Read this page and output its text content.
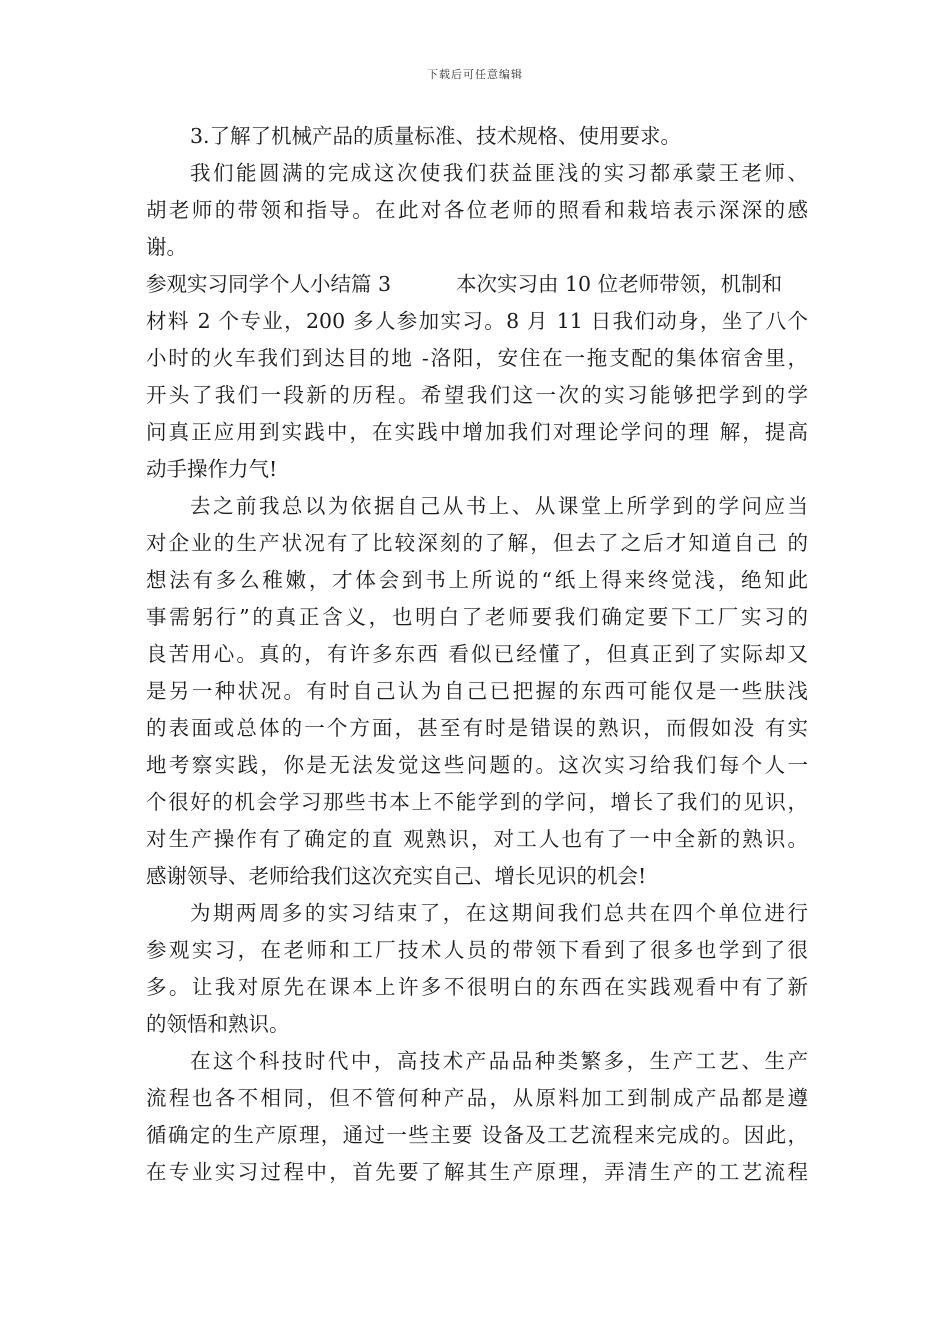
下载后可任意编辑
3.了解了机械产品的质量标准、技术规格、使用要求。
我们能圆满的完成这次使我们获益匪浅的实习都承蒙王老师、
胡老师的带领和指导。在此对各位老师的照看和栽培表示深深的感
谢。
参观实习同学个人小结篇 3	本次实习由 10 位老师带领，机制和
材料 2 个专业，200 多人参加实习。8 月 11 日我们动身，坐了八个
小时的火车我们到达目的地 -洛阳，安住在一拖支配的集体宿舍里，
开头了我们一段新的历程。希望我们这一次的实习能够把学到的学
问真正应用到实践中，在实践中增加我们对理论学问的理 解，提高
动手操作力气!
去之前我总以为依据自己从书上、从课堂上所学到的学问应当
对企业的生产状况有了比较深刻的了解，但去了之后才知道自己 的
想法有多么稚嫩，才体会到书上所说的“纸上得来终觉浅，绝知此
事需躬行”的真正含义，也明白了老师要我们确定要下工厂实习的
良苦用心。真的，有许多东西 看似已经懂了，但真正到了实际却又
是另一种状况。有时自己认为自己已把握的东西可能仅是一些肤浅
的表面或总体的一个方面，甚至有时是错误的熟识，而假如没 有实
地考察实践，你是无法发觉这些问题的。这次实习给我们每个人一
个很好的机会学习那些书本上不能学到的学问，增长了我们的见识，
对生产操作有了确定的直 观熟识，对工人也有了一中全新的熟识。
感谢领导、老师给我们这次充实自己、增长见识的机会!
为期两周多的实习结束了，在这期间我们总共在四个单位进行
参观实习，在老师和工厂技术人员的带领下看到了很多也学到了很
多。让我对原先在课本上许多不很明白的东西在实践观看中有了新
的领悟和熟识。
在这个科技时代中，高技术产品品种类繁多，生产工艺、生产
流程也各不相同，但不管何种产品，从原料加工到制成产品都是遵
循确定的生产原理，通过一些主要 设备及工艺流程来完成的。因此，
在专业实习过程中，首先要了解其生产原理，弄清生产的工艺流程
